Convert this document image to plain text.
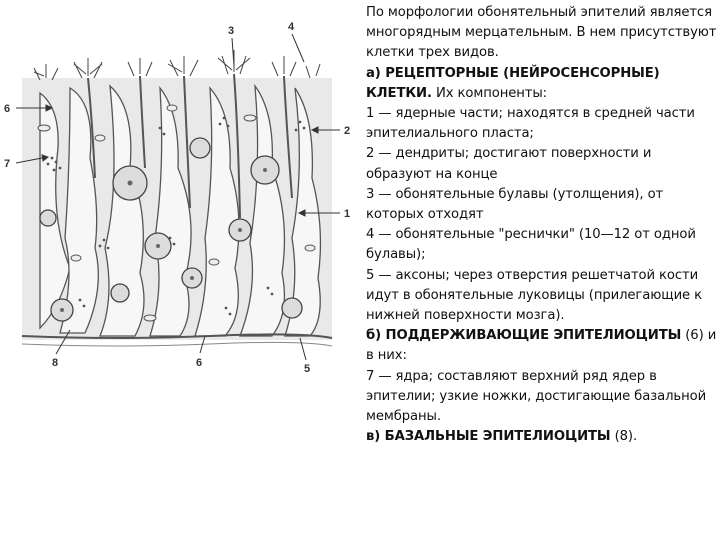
6
7
1
2
3	4
5
8	6

По морфологии обонятельный эпителий является многорядным мерцательным. В нем присутствуют клетки трех видов.

а) РЕЦЕПТОРНЫЕ (НЕЙРОСЕНСОРНЫЕ) КЛЕТКИ. Их компоненты:

1 — ядерные части; находятся в средней части эпителиального пласта;

2 — дендриты; достигают поверхности и образуют на конце

3 — обонятельные булавы (утолщения), от которых отходят

4 — обонятельные "реснички" (10—12 от одной булавы);

5 — аксоны; через отверстия решетчатой кости идут в обонятельные луковицы (прилегающие к нижней поверхности мозга).

б) ПОДДЕРЖИВАЮЩИЕ ЭПИТЕЛИОЦИТЫ (6) и в них:

7 — ядра; составляют верхний ряд ядер в эпителии; узкие ножки, достигающие базальной мембраны.

в) БАЗАЛЬНЫЕ ЭПИТЕЛИОЦИТЫ (8).
